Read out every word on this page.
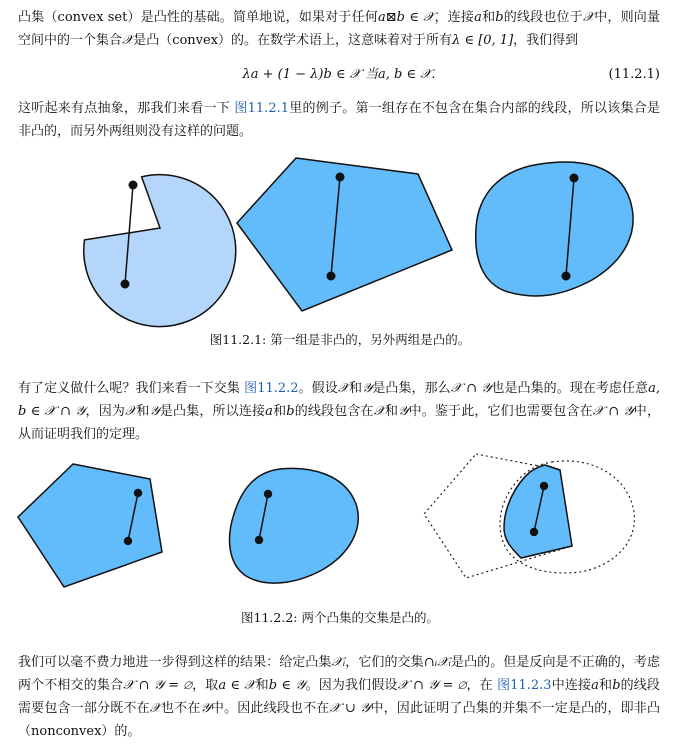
凸集（convex set）是凸性的基础。简单地说，如果对于任何a⊠b ∈ 𝒳，连接a和b的线段也位于𝒳中，则向量空间中的一个集合𝒳是凸（convex）的。在数学术语上，这意味着对于所有λ ∈ [0, 1]，我们得到

λa + (1 − λ)b ∈ 𝒳 当a, b ∈ 𝒳.	(11.2.1)

这听起来有点抽象，那我们来看一下 图11.2.1里的例子。第一组存在不包含在集合内部的线段，所以该集合是非凸的，而另外两组则没有这样的问题。

图11.2.1: 第一组是非凸的，另外两组是凸的。

有了定义做什么呢？我们来看一下交集 图11.2.2。假设𝒳和𝒴是凸集，那么𝒳 ∩ 𝒴也是凸集的。现在考虑任意a, b ∈ 𝒳 ∩ 𝒴，因为𝒳和𝒴是凸集，所以连接a和b的线段包含在𝒳和𝒴中。鉴于此，它们也需要包含在𝒳 ∩ 𝒴中，从而证明我们的定理。

图11.2.2: 两个凸集的交集是凸的。

我们可以毫不费力地进一步得到这样的结果：给定凸集𝒳ᵢ，它们的交集∩ᵢ𝒳ᵢ是凸的。但是反向是不正确的，考虑两个不相交的集合𝒳 ∩ 𝒴 = ∅，取a ∈ 𝒳和b ∈ 𝒴。因为我们假设𝒳 ∩ 𝒴 = ∅，在 图11.2.3中连接a和b的线段需要包含一部分既不在𝒳也不在𝒴中。因此线段也不在𝒳 ∪ 𝒴中，因此证明了凸集的并集不一定是凸的，即非凸（nonconvex）的。
